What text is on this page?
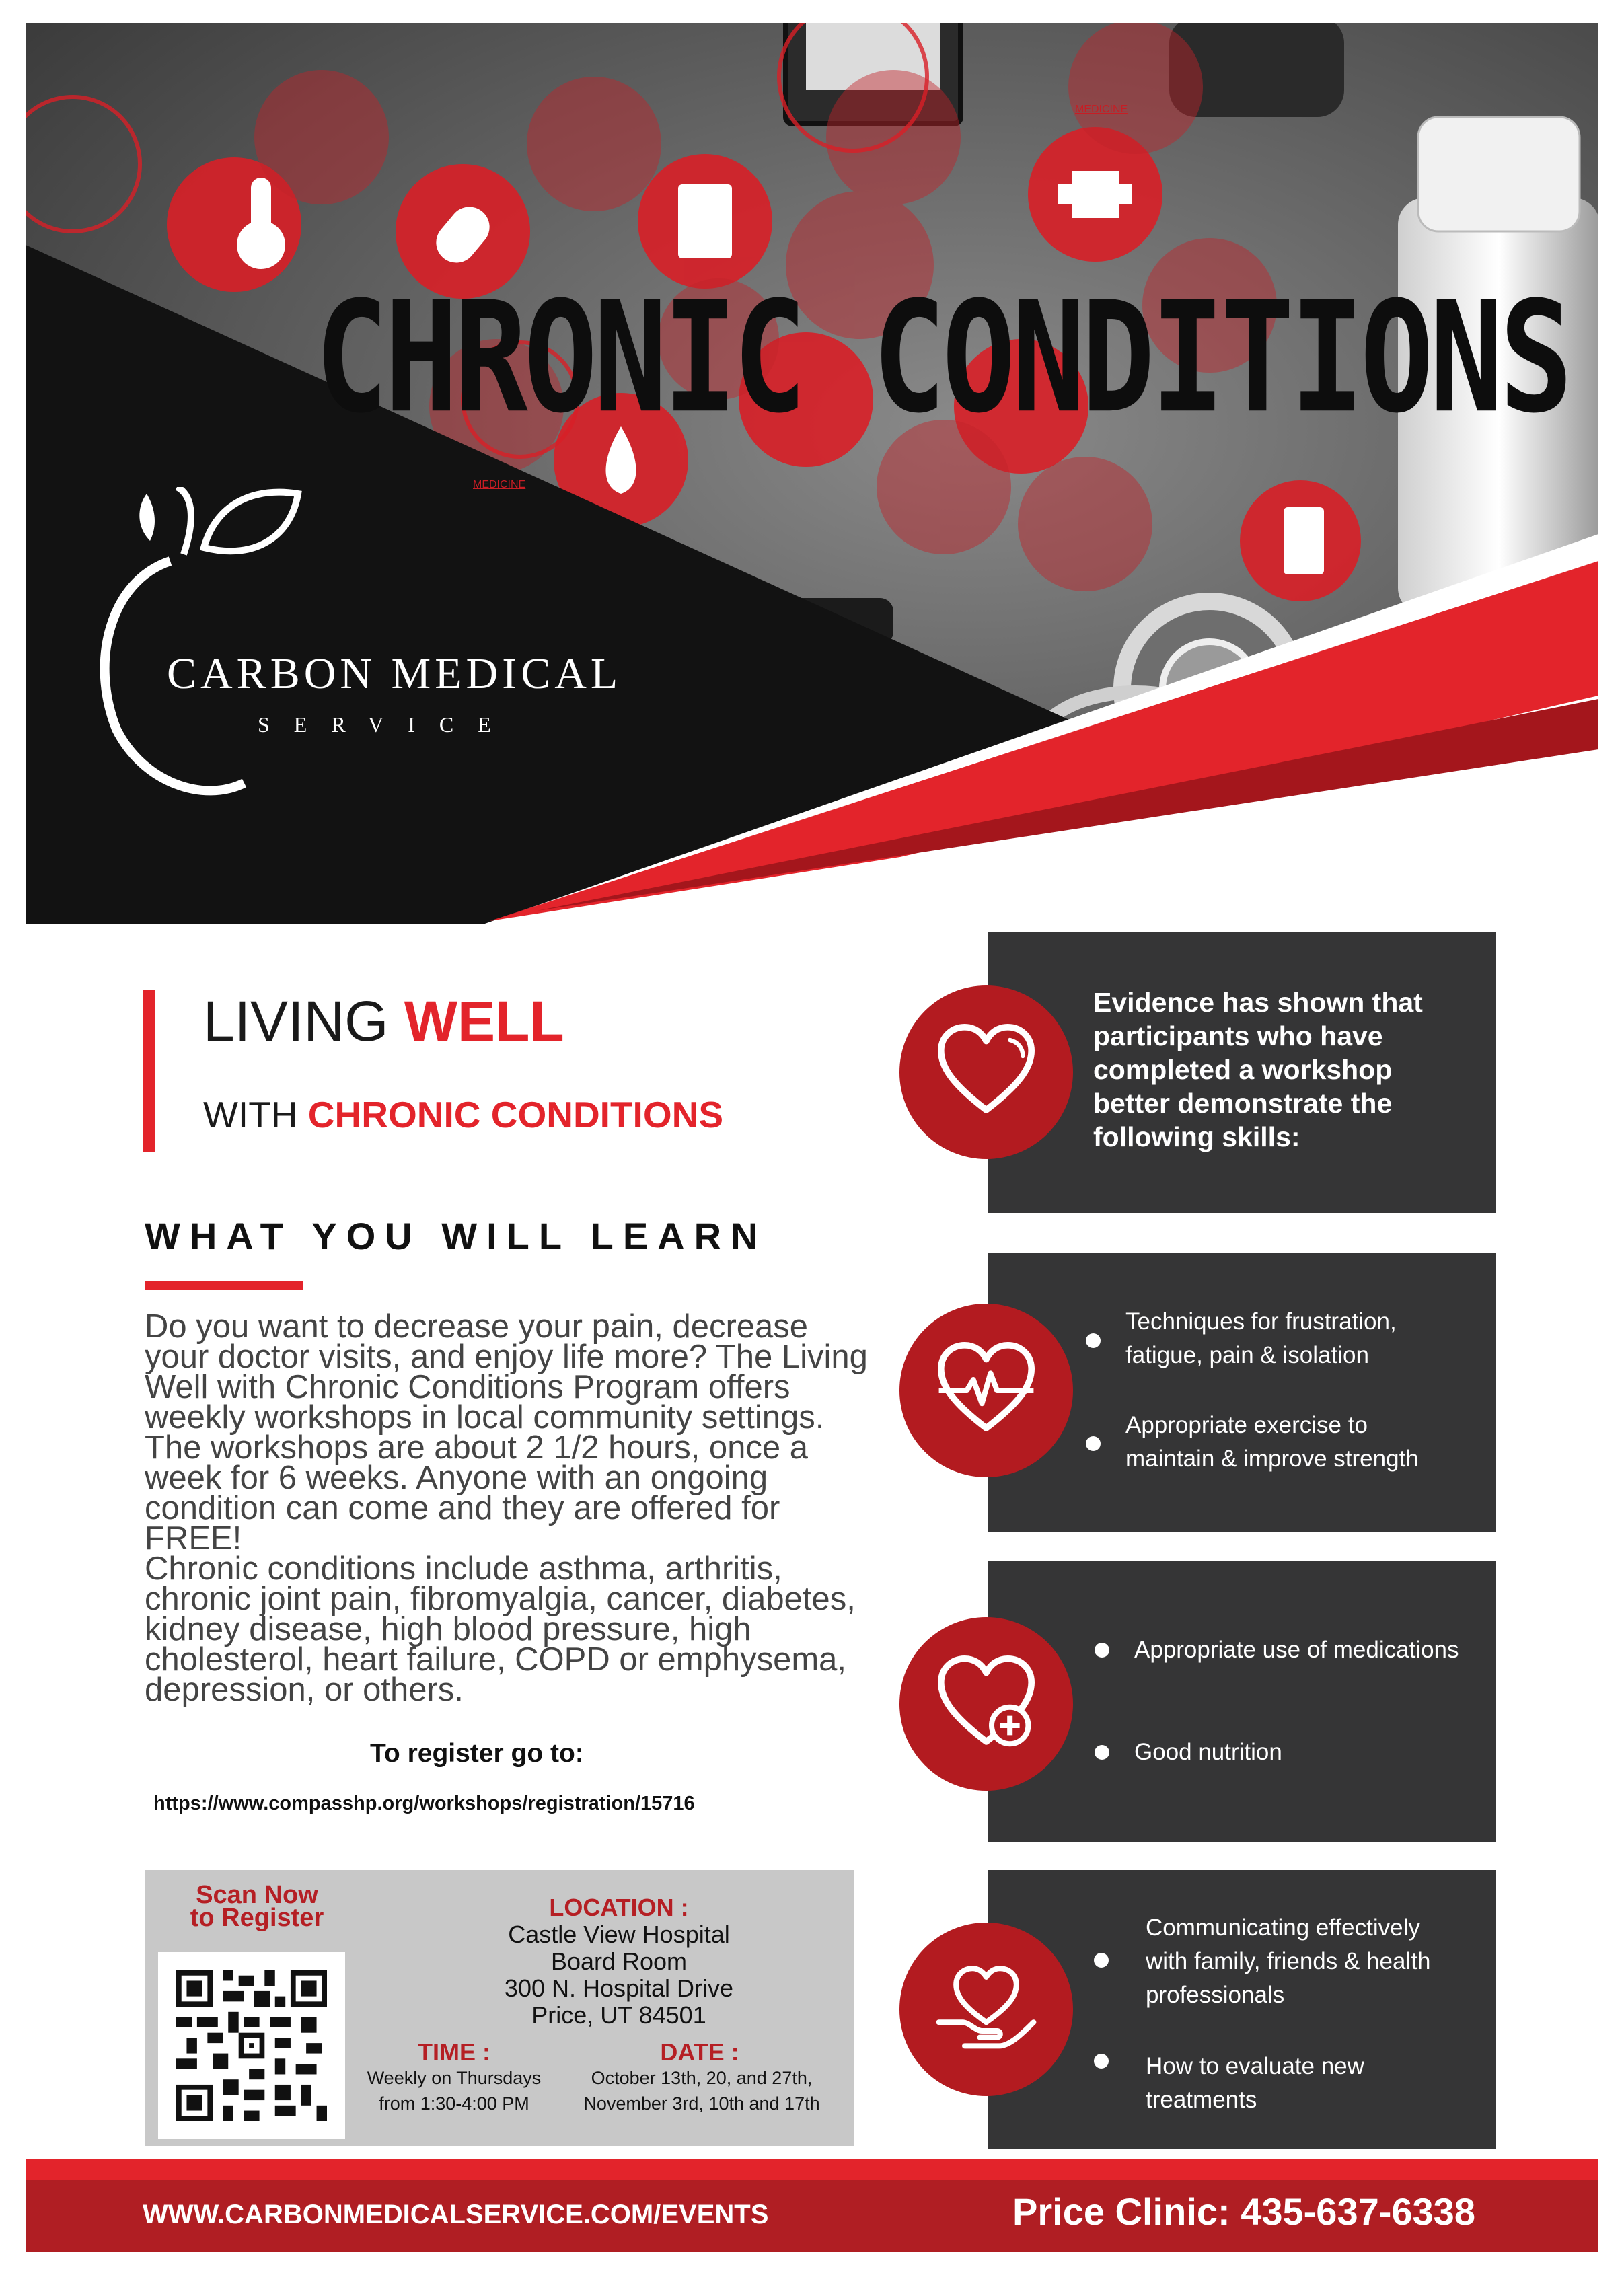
MEDICINE
MEDICINE
CHRONIC CONDITIONS
CARBON MEDICAL
SERVICE
LIVING WELL
WITH CHRONIC CONDITIONS
WHAT YOU WILL LEARN
Do you want to decrease your pain, decrease your doctor visits, and enjoy life more? The Living Well with Chronic Conditions Program offers weekly workshops in local community settings. The workshops are about 2 1/2 hours, once a week for 6 weeks. Anyone with an ongoing condition can come and they are offered for FREE!
Chronic conditions include asthma, arthritis, chronic joint pain, fibromyalgia, cancer, diabetes, kidney disease, high blood pressure, high cholesterol, heart failure, COPD or emphysema, depression, or others.
To register go to:
https://www.compasshp.org/workshops/registration/15716
Scan Now
to Register	LOCATION :
Castle View Hospital
Board Room
300 N. Hospital Drive
Price, UT 84501
TIME :
Weekly on Thursdays
from 1:30-4:00 PM
DATE :
October 13th, 20, and 27th,
November 3rd, 10th and 17th
Evidence has shown that participants who have completed a workshop better demonstrate the following skills:
Techniques for frustration,
fatigue, pain & isolation
Appropriate exercise to
maintain & improve strength
Appropriate use of medications
Good nutrition
Communicating effectively
with family, friends & health
professionals
How to evaluate new
treatments
WWW.CARBONMEDICALSERVICE.COM/EVENTS	Price Clinic: 435-637-6338
